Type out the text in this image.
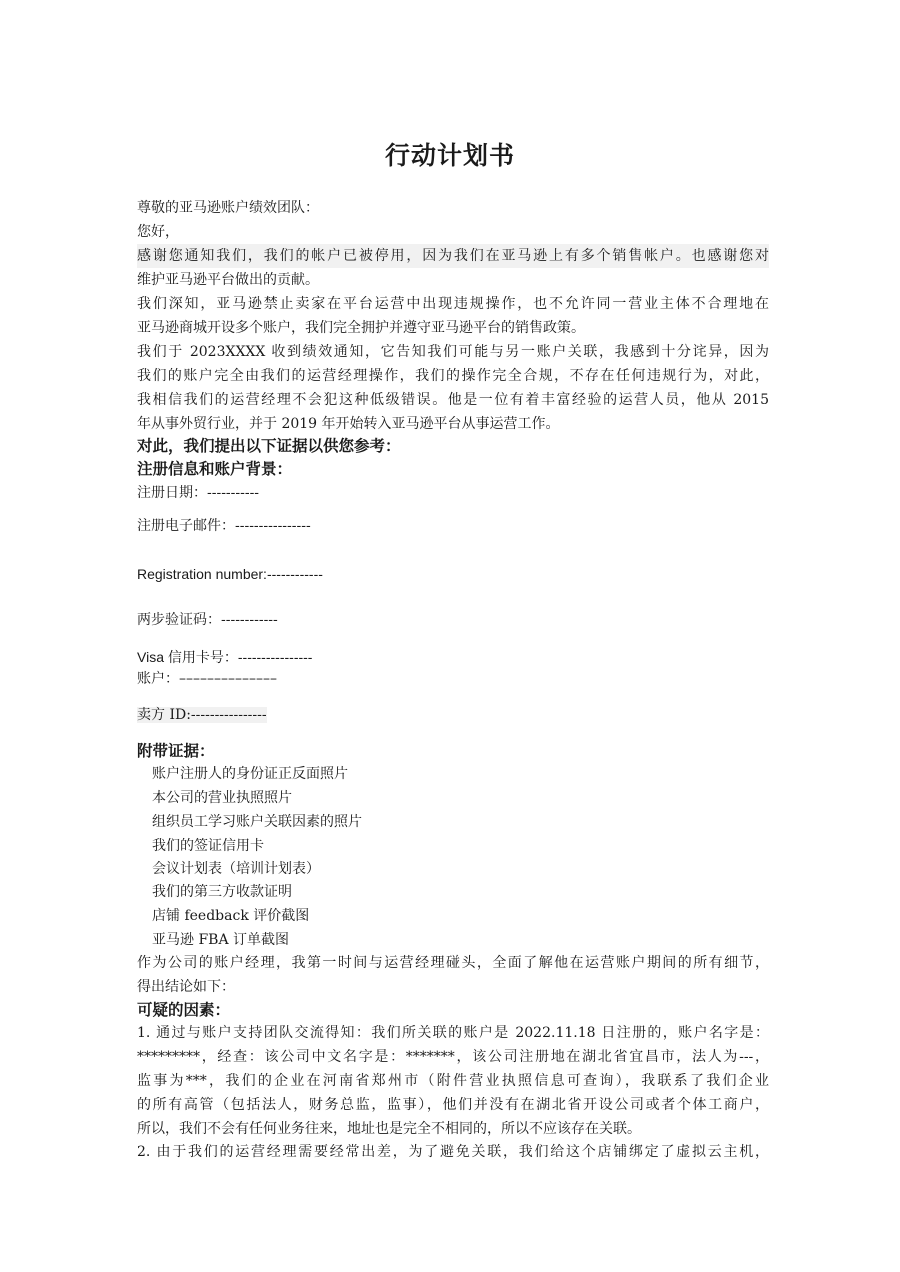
行动计划书
尊敬的亚马逊账户绩效团队：
您好，
感谢您通知我们，我们的帐户已被停用，因为我们在亚马逊上有多个销售帐户。也感谢您对
维护亚马逊平台做出的贡献。
我们深知，亚马逊禁止卖家在平台运营中出现违规操作，也不允许同一营业主体不合理地在
亚马逊商城开设多个账户，我们完全拥护并遵守亚马逊平台的销售政策。
我们于 2023XXXX 收到绩效通知，它告知我们可能与另一账户关联，我感到十分诧异，因为
我们的账户完全由我们的运营经理操作，我们的操作完全合规，不存在任何违规行为，对此，
我相信我们的运营经理不会犯这种低级错误。他是一位有着丰富经验的运营人员，他从 2015
年从事外贸行业，并于 2019 年开始转入亚马逊平台从事运营工作。
对此，我们提出以下证据以供您参考：
注册信息和账户背景：
注册日期：-----------
注册电子邮件：----------------
Registration number:------------
两步验证码：------------
Visa 信用卡号：----------------
账户：––––––––––––––
卖方 ID:----------------
附带证据：
账户注册人的身份证正反面照片
本公司的营业执照照片
组织员工学习账户关联因素的照片
我们的签证信用卡
会议计划表（培训计划表）
我们的第三方收款证明
店铺 feedback 评价截图
亚马逊 FBA 订单截图
作为公司的账户经理，我第一时间与运营经理碰头，全面了解他在运营账户期间的所有细节，
得出结论如下：
可疑的因素：
1. 通过与账户支持团队交流得知：我们所关联的账户是 2022.11.18 日注册的，账户名字是：
*********，经查：该公司中文名字是：*******，该公司注册地在湖北省宜昌市，法人为---，
监事为***，我们的企业在河南省郑州市（附件营业执照信息可查询），我联系了我们企业
的所有高管（包括法人，财务总监，监事），他们并没有在湖北省开设公司或者个体工商户，
所以，我们不会有任何业务往来，地址也是完全不相同的，所以不应该存在关联。
2. 由于我们的运营经理需要经常出差，为了避免关联，我们给这个店铺绑定了虚拟云主机，
